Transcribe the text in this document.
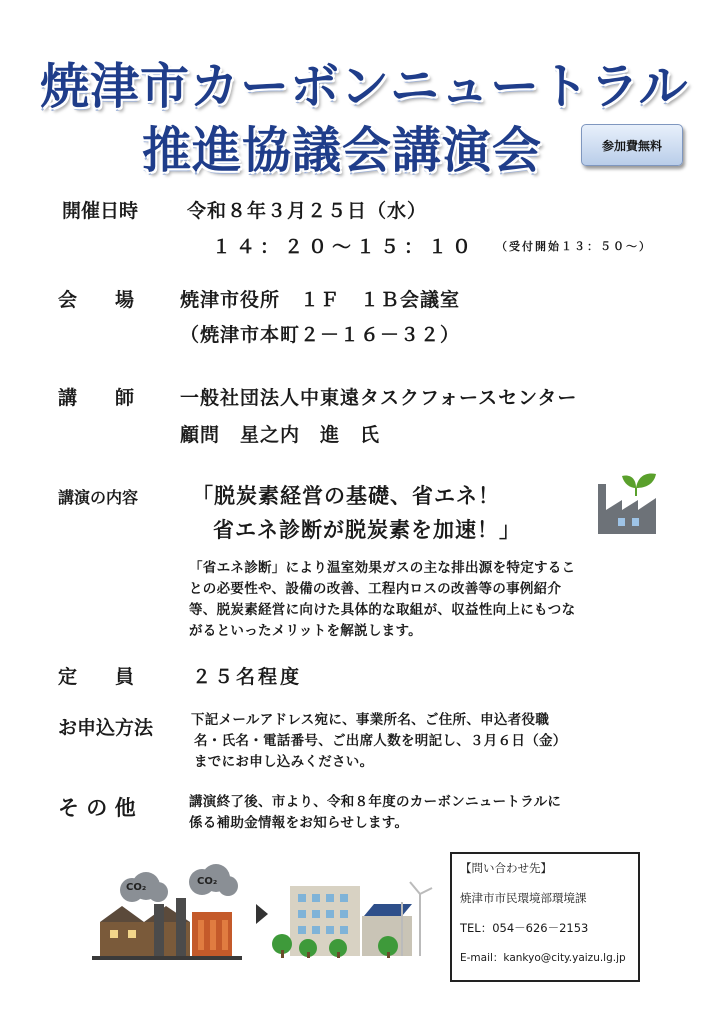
焼津市カーボンニュートラル
推進協議会講演会	参加費無料
開催日時	令和８年３月２５日（水）
１４：２０～１５：１０ （受付開始１３：５０～）
会　　場 焼津市役所　１Ｆ　１Ｂ会議室
（焼津市本町２－１６－３２）
講　　師 一般社団法人中東遠タスクフォースセンター
顧問　星之内　進　氏
講演の内容	「脱炭素経営の基礎、省エネ！
省エネ診断が脱炭素を加速！」
「省エネ診断」により温室効果ガスの主な排出源を特定するこ
との必要性や、設備の改善、工程内ロスの改善等の事例紹介
等、脱炭素経営に向けた具体的な取組が、収益性向上にもつな
がるといったメリットを解説します。
定　　員	２５名程度
お申込方法	下記メールアドレス宛に、事業所名、ご住所、申込者役職
名・氏名・電話番号、ご出席人数を明記し、３月６日（金）
までにお申し込みください。
そ の 他	講演終了後、市より、令和８年度のカーボンニュートラルに
係る補助金情報をお知らせします。
CO₂
CO₂
【問い合わせ先】
焼津市市民環境部環境課
TEL：054－626－2153
E-mail：kankyo@city.yaizu.lg.jp
